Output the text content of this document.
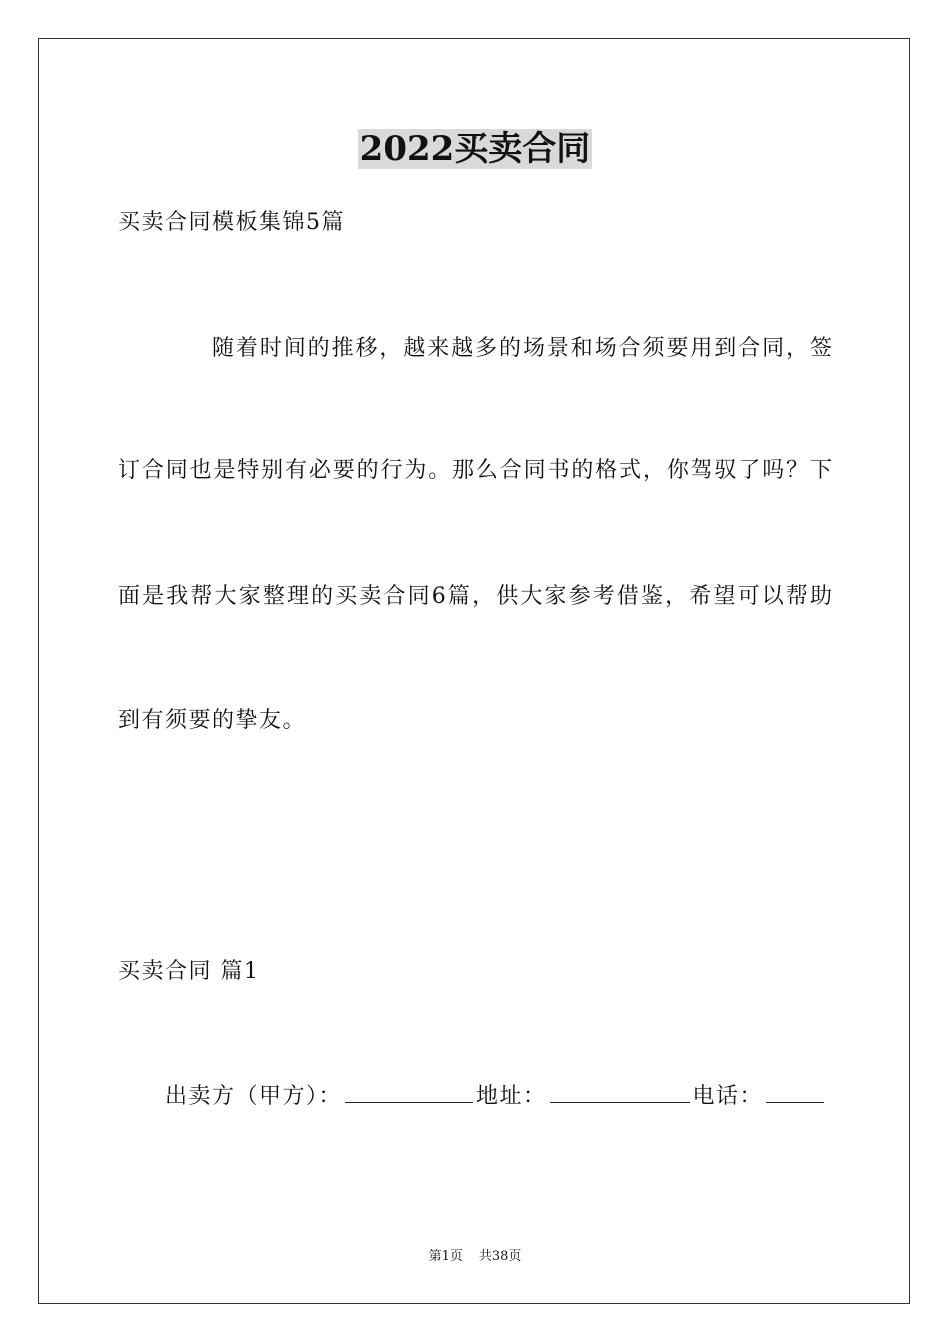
2022买卖合同
买卖合同模板集锦5篇
随着时间的推移，越来越多的场景和场合须要用到合同，签
订合同也是特别有必要的行为。那么合同书的格式，你驾驭了吗？下
面是我帮大家整理的买卖合同6篇，供大家参考借鉴，希望可以帮助
到有须要的挚友。
买卖合同 篇1
出卖方（甲方）：	地址：	电话：
第1页 共38页
